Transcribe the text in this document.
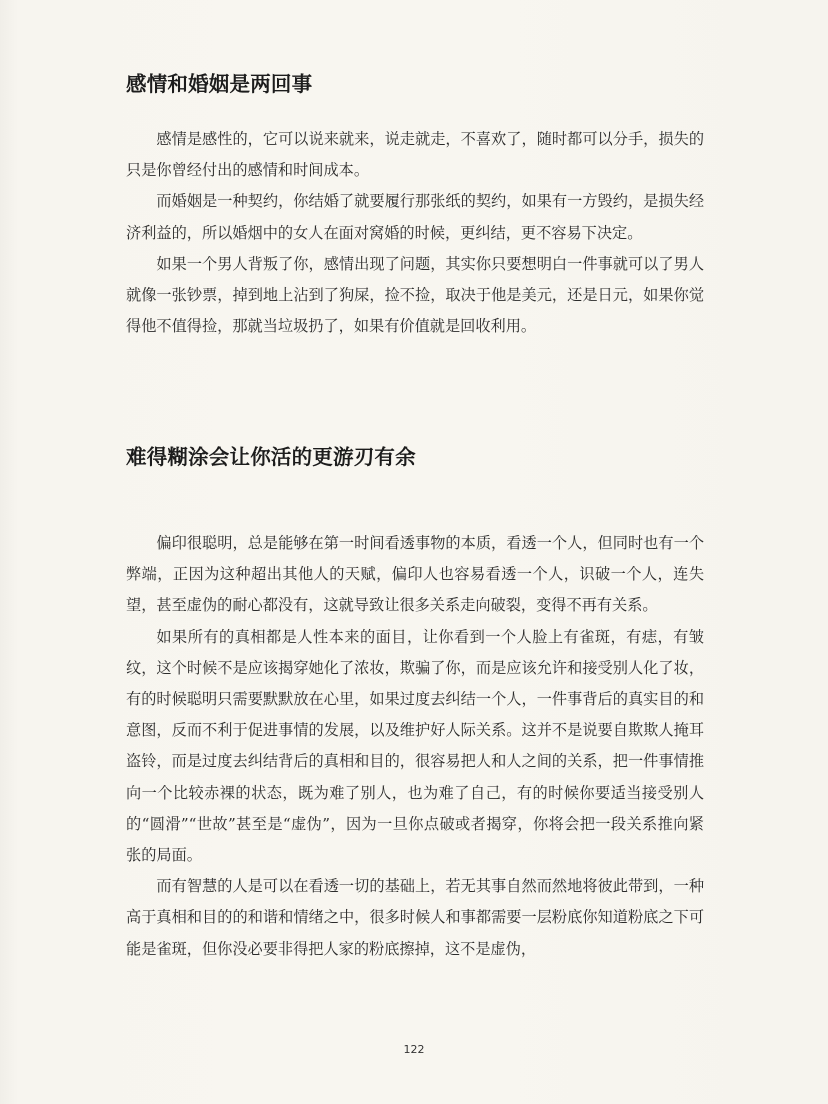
感情和婚姻是两回事

感情是感性的，它可以说来就来，说走就走，不喜欢了，随时都可以分手，损失的只是你曾经付出的感情和时间成本。

而婚姻是一种契约，你结婚了就要履行那张纸的契约，如果有一方毁约，是损失经济利益的，所以婚烟中的女人在面对窝婚的时候，更纠结，更不容易下决定。

如果一个男人背叛了你，感情出现了问题，其实你只要想明白一件事就可以了男人就像一张钞票，掉到地上沾到了狗屎，捡不捡，取决于他是美元，还是日元，如果你觉得他不值得捡，那就当垃圾扔了，如果有价值就是回收利用。

难得糊涂会让你活的更游刃有余

偏印很聪明，总是能够在第一时间看透事物的本质，看透一个人，但同时也有一个弊端，正因为这种超出其他人的天赋，偏印人也容易看透一个人，识破一个人，连失望，甚至虚伪的耐心都没有，这就导致让很多关系走向破裂，变得不再有关系。

如果所有的真相都是人性本来的面目，让你看到一个人脸上有雀斑，有痣，有皱纹，这个时候不是应该揭穿她化了浓妆，欺骗了你，而是应该允许和接受别人化了妆，有的时候聪明只需要默默放在心里，如果过度去纠结一个人，一件事背后的真实目的和意图，反而不利于促进事情的发展，以及维护好人际关系。这并不是说要自欺欺人掩耳盗铃，而是过度去纠结背后的真相和目的，很容易把人和人之间的关系，把一件事情推向一个比较赤裸的状态，既为难了别人，也为难了自己，有的时候你要适当接受别人的“圆滑”“世故”甚至是“虚伪”，因为一旦你点破或者揭穿，你将会把一段关系推向紧张的局面。

而有智慧的人是可以在看透一切的基础上，若无其事自然而然地将彼此带到，一种高于真相和目的的和谐和情绪之中，很多时候人和事都需要一层粉底你知道粉底之下可能是雀斑，但你没必要非得把人家的粉底擦掉，这不是虚伪，

122
